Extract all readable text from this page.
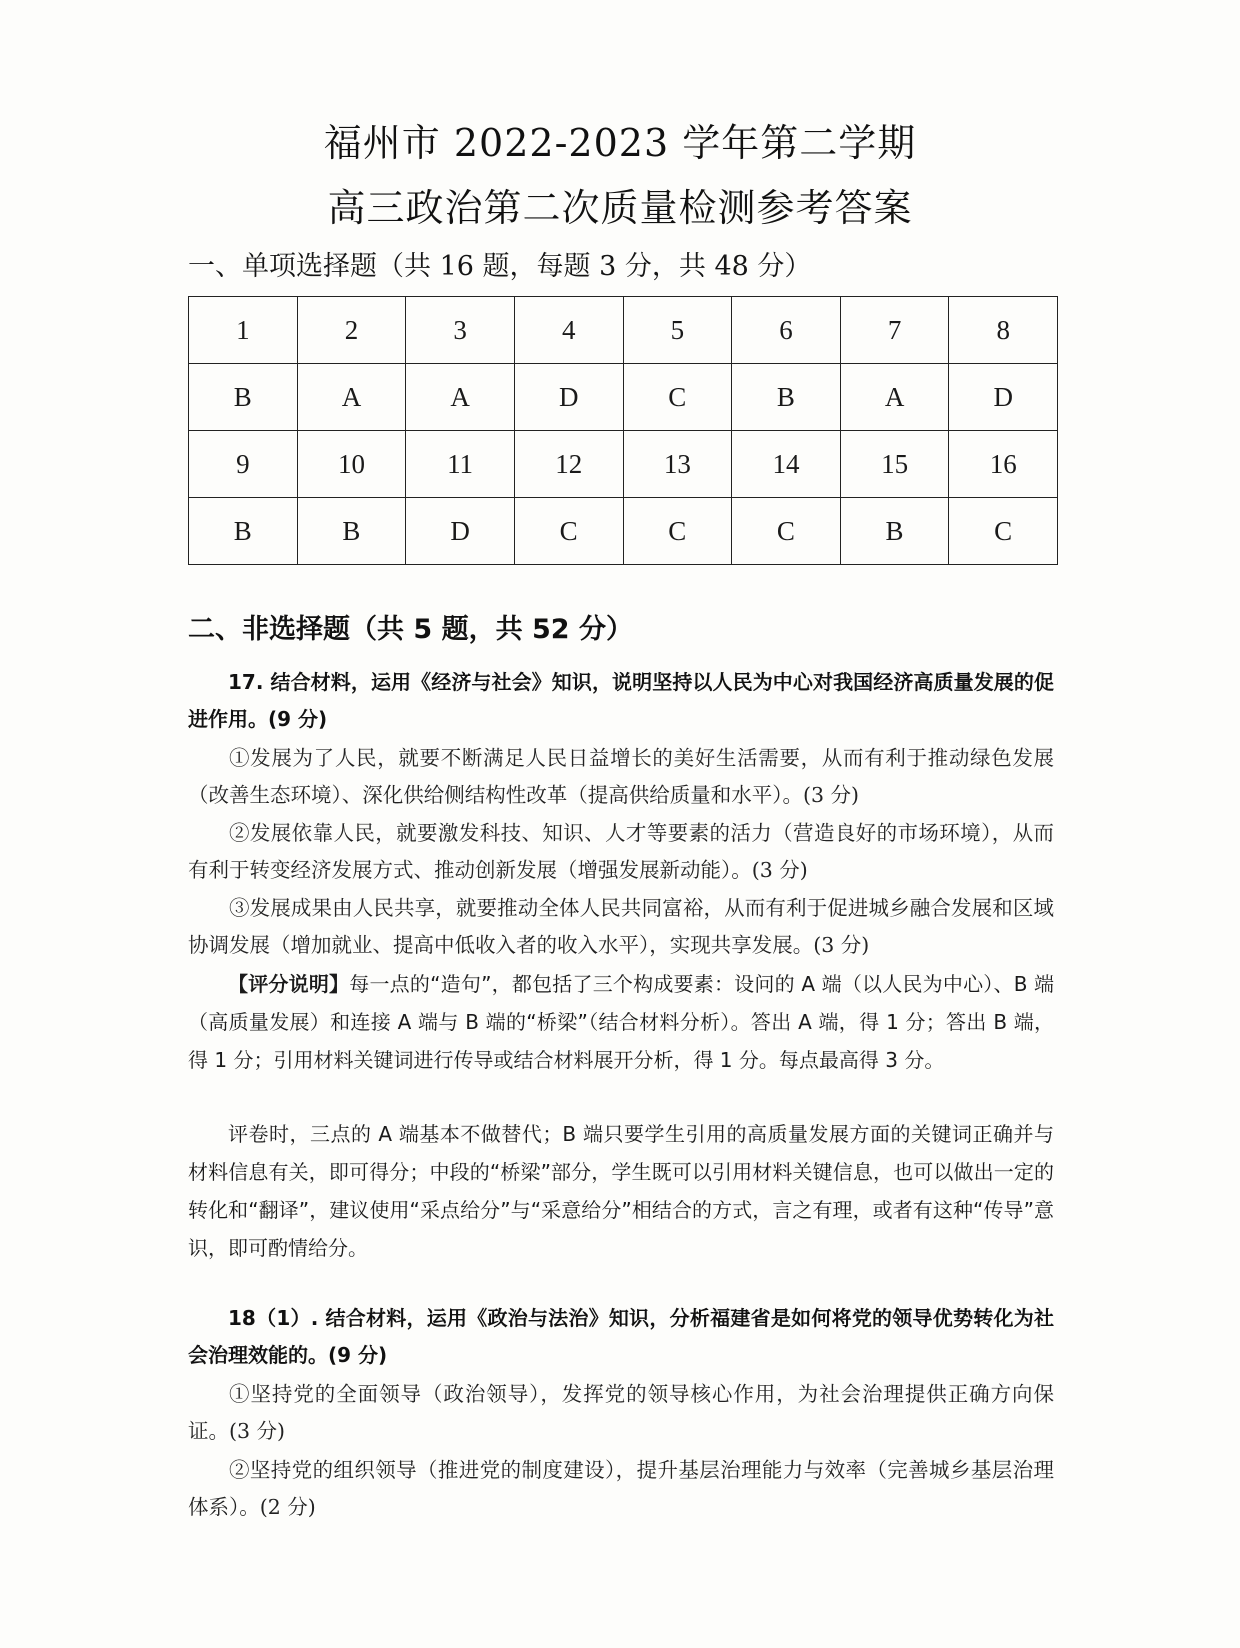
福州市 2022-2023 学年第二学期
高三政治第二次质量检测参考答案
一、单项选择题（共 16 题，每题 3 分，共 48 分）
1	2	3	4	5	6	7	8
B	A	A	D	C	B	A	D
9	10	11	12	13	14	15	16
B	B	D	C	C	C	B	C
二、非选择题（共 5 题，共 52 分）
17. 结合材料，运用《经济与社会》知识，说明坚持以人民为中心对我国经济高质量发展的促进作用。(9 分)
①发展为了人民，就要不断满足人民日益增长的美好生活需要，从而有利于推动绿色发展（改善生态环境）、深化供给侧结构性改革（提高供给质量和水平）。(3 分)
②发展依靠人民，就要激发科技、知识、人才等要素的活力（营造良好的市场环境），从而有利于转变经济发展方式、推动创新发展（增强发展新动能）。(3 分)
③发展成果由人民共享，就要推动全体人民共同富裕，从而有利于促进城乡融合发展和区域协调发展（增加就业、提高中低收入者的收入水平），实现共享发展。(3 分)
【评分说明】每一点的“造句”，都包括了三个构成要素：设问的 A 端（以人民为中心）、B 端（高质量发展）和连接 A 端与 B 端的“桥梁”（结合材料分析）。答出 A 端，得 1 分；答出 B 端，得 1 分；引用材料关键词进行传导或结合材料展开分析，得 1 分。每点最高得 3 分。
评卷时，三点的 A 端基本不做替代；B 端只要学生引用的高质量发展方面的关键词正确并与材料信息有关，即可得分；中段的“桥梁”部分，学生既可以引用材料关键信息，也可以做出一定的转化和“翻译”，建议使用“采点给分”与“采意给分”相结合的方式，言之有理，或者有这种“传导”意识，即可酌情给分。
18（1）. 结合材料，运用《政治与法治》知识，分析福建省是如何将党的领导优势转化为社会治理效能的。(9 分)
①坚持党的全面领导（政治领导），发挥党的领导核心作用，为社会治理提供正确方向保证。(3 分)
②坚持党的组织领导（推进党的制度建设），提升基层治理能力与效率（完善城乡基层治理体系）。(2 分)
